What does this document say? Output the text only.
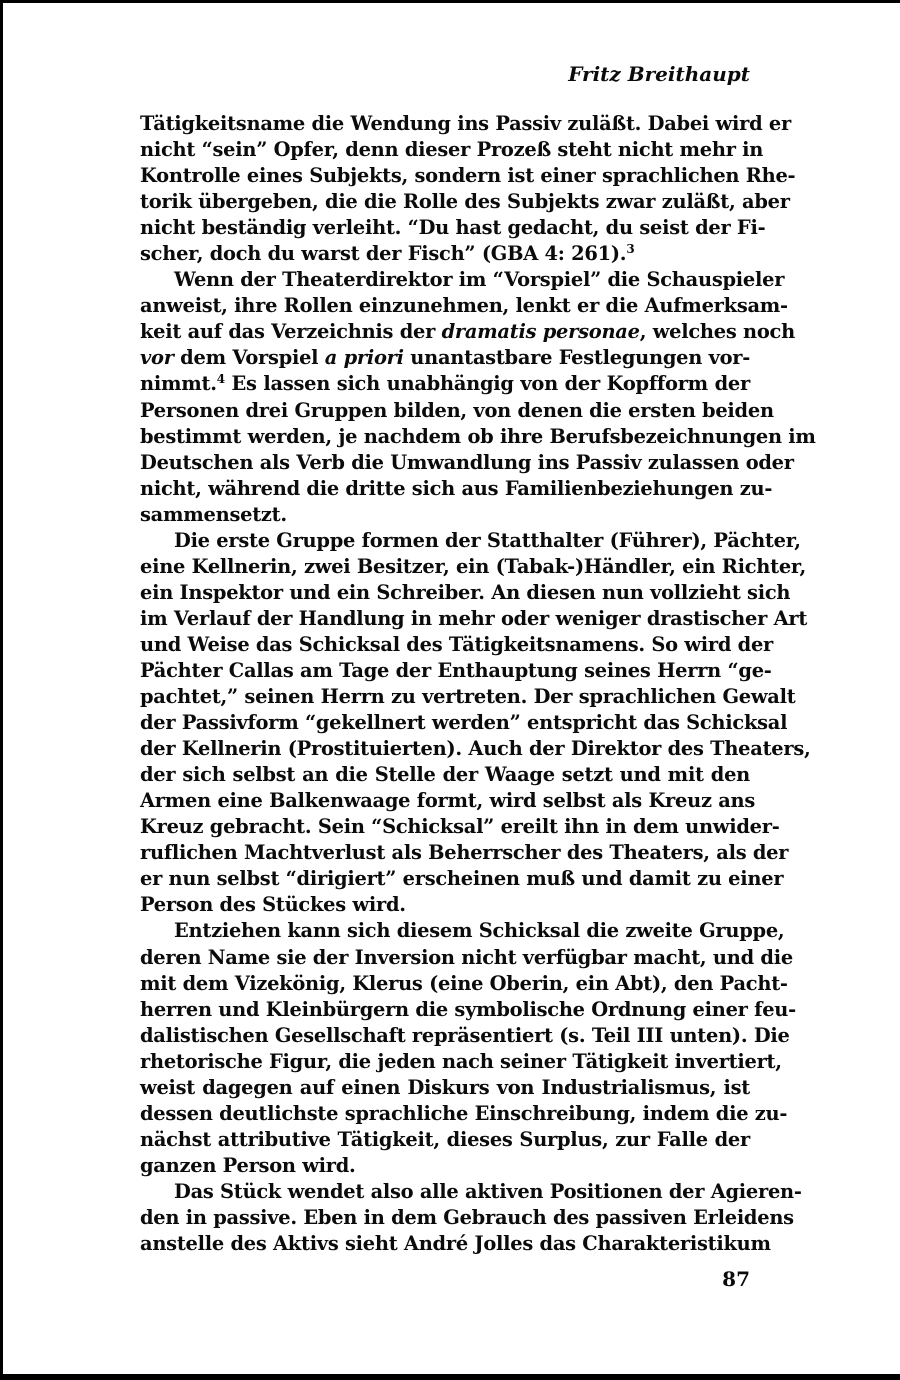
Fritz Breithaupt
Tätigkeitsname die Wendung ins Passiv zuläßt. Dabei wird er
nicht “sein” Opfer, denn dieser Prozeß steht nicht mehr in
Kontrolle eines Subjekts, sondern ist einer sprachlichen Rhe-
torik übergeben, die die Rolle des Subjekts zwar zuläßt, aber
nicht beständig verleiht. “Du hast gedacht, du seist der Fi-
scher, doch du warst der Fisch” (GBA 4: 261).$^3$
Wenn der Theaterdirektor im “Vorspiel” die Schauspieler
anweist, ihre Rollen einzunehmen, lenkt er die Aufmerksam-
keit auf das Verzeichnis der dramatis personae, welches noch
vor dem Vorspiel a priori unantastbare Festlegungen vor-
nimmt.$^4$ Es lassen sich unabhängig von der Kopfform der
Personen drei Gruppen bilden, von denen die ersten beiden
bestimmt werden, je nachdem ob ihre Berufsbezeichnungen im
Deutschen als Verb die Umwandlung ins Passiv zulassen oder
nicht, während die dritte sich aus Familienbeziehungen zu-
sammensetzt.
Die erste Gruppe formen der Statthalter (Führer), Pächter,
eine Kellnerin, zwei Besitzer, ein (Tabak-)Händler, ein Richter,
ein Inspektor und ein Schreiber. An diesen nun vollzieht sich
im Verlauf der Handlung in mehr oder weniger drastischer Art
und Weise das Schicksal des Tätigkeitsnamens. So wird der
Pächter Callas am Tage der Enthauptung seines Herrn “ge-
pachtet,” seinen Herrn zu vertreten. Der sprachlichen Gewalt
der Passivform “gekellnert werden” entspricht das Schicksal
der Kellnerin (Prostituierten). Auch der Direktor des Theaters,
der sich selbst an die Stelle der Waage setzt und mit den
Armen eine Balkenwaage formt, wird selbst als Kreuz ans
Kreuz gebracht. Sein “Schicksal” ereilt ihn in dem unwider-
ruflichen Machtverlust als Beherrscher des Theaters, als der
er nun selbst “dirigiert” erscheinen muß und damit zu einer
Person des Stückes wird.
Entziehen kann sich diesem Schicksal die zweite Gruppe,
deren Name sie der Inversion nicht verfügbar macht, und die
mit dem Vizekönig, Klerus (eine Oberin, ein Abt), den Pacht-
herren und Kleinbürgern die symbolische Ordnung einer feu-
dalistischen Gesellschaft repräsentiert (s. Teil III unten). Die
rhetorische Figur, die jeden nach seiner Tätigkeit invertiert,
weist dagegen auf einen Diskurs von Industrialismus, ist
dessen deutlichste sprachliche Einschreibung, indem die zu-
nächst attributive Tätigkeit, dieses Surplus, zur Falle der
ganzen Person wird.
Das Stück wendet also alle aktiven Positionen der Agieren-
den in passive. Eben in dem Gebrauch des passiven Erleidens
anstelle des Aktivs sieht André Jolles das Charakteristikum
87
